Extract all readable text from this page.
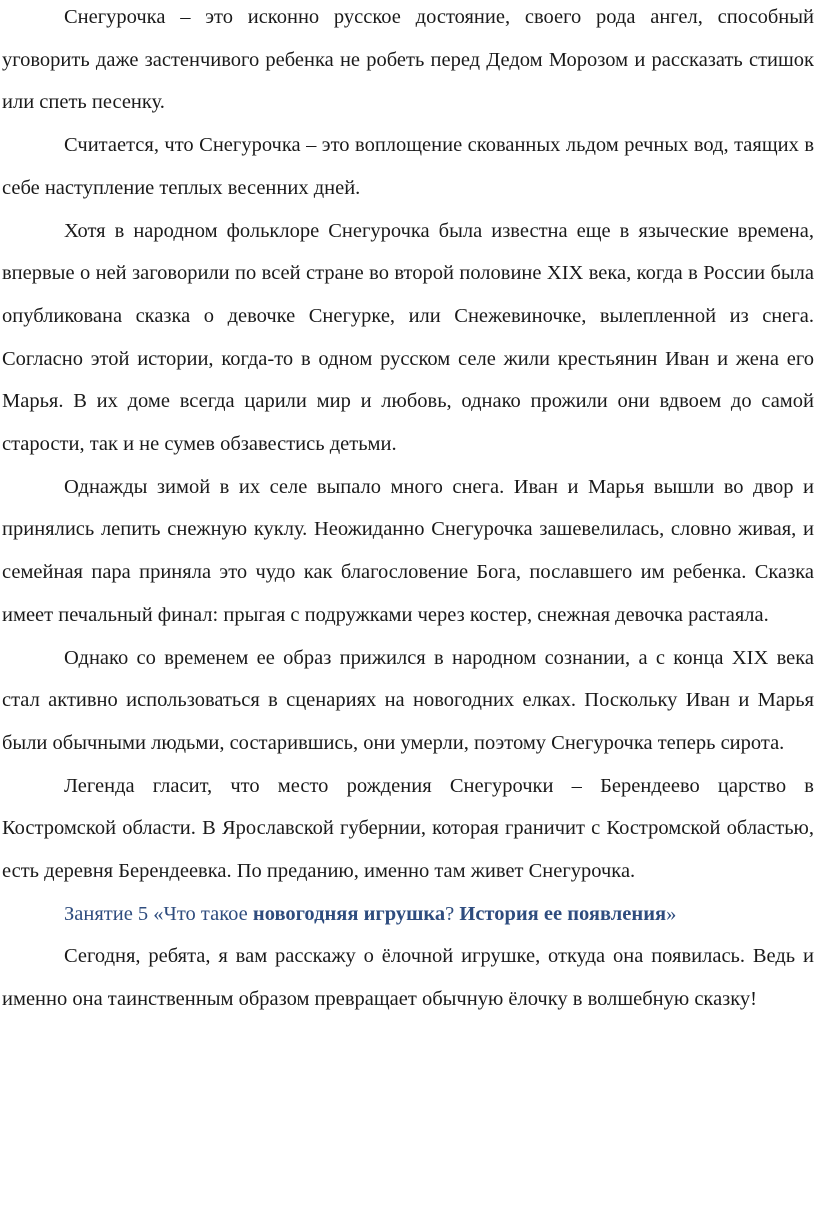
Снегурочка – это исконно русское достояние, своего рода ангел, способный уговорить даже застенчивого ребенка не робеть перед Дедом Морозом и рассказать стишок или спеть песенку.

Считается, что Снегурочка – это воплощение скованных льдом речных вод, таящих в себе наступление теплых весенних дней.

Хотя в народном фольклоре Снегурочка была известна еще в языческие времена, впервые о ней заговорили по всей стране во второй половине XIX века, когда в России была опубликована сказка о девочке Снегурке, или Снежевиночке, вылепленной из снега. Согласно этой истории, когда-то в одном русском селе жили крестьянин Иван и жена его Марья. В их доме всегда царили мир и любовь, однако прожили они вдвоем до самой старости, так и не сумев обзавестись детьми.

Однажды зимой в их селе выпало много снега. Иван и Марья вышли во двор и принялись лепить снежную куклу. Неожиданно Снегурочка зашевелилась, словно живая, и семейная пара приняла это чудо как благословение Бога, пославшего им ребенка. Сказка имеет печальный финал: прыгая с подружками через костер, снежная девочка растаяла.

Однако со временем ее образ прижился в народном сознании, а с конца XIX века стал активно использоваться в сценариях на новогодних елках. Поскольку Иван и Марья были обычными людьми, состарившись, они умерли, поэтому Снегурочка теперь сирота.

Легенда гласит, что место рождения Снегурочки – Берендеево царство в Костромской области. В Ярославской губернии, которая граничит с Костромской областью, есть деревня Берендеевка. По преданию, именно там живет Снегурочка.

Занятие 5 «Что такое новогодняя игрушка? История ее появления»

Сегодня, ребята, я вам расскажу о ёлочной игрушке, откуда она появилась. Ведь и именно она таинственным образом превращает обычную ёлочку в волшебную сказку!
